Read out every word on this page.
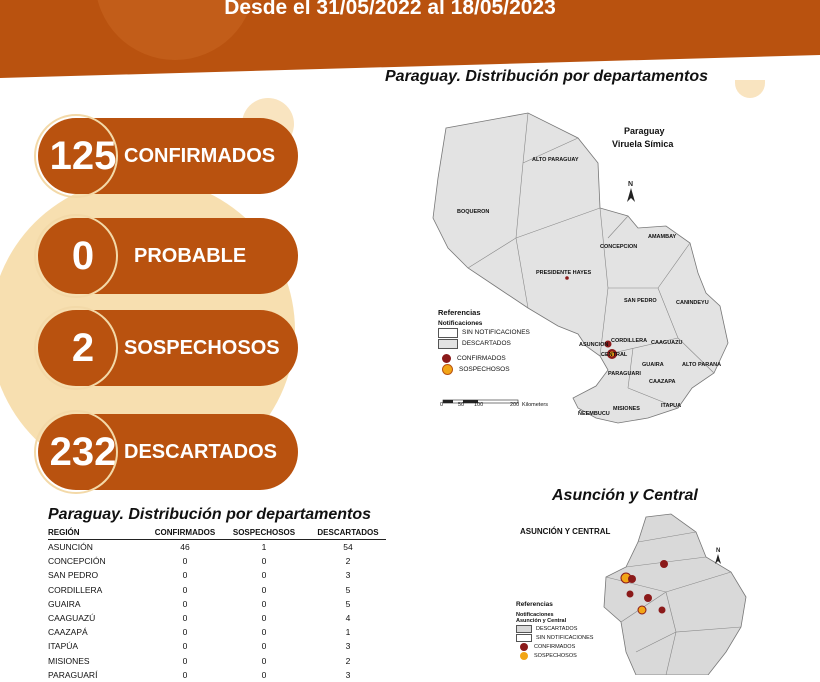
Desde el 31/05/2022 al 18/05/2023
125 CONFIRMADOS
0	PROBABLE
2	SOSPECHOSOS
232 DESCARTADOS
Paraguay. Distribución por departamentos
N
Paraguay
Viruela Símica
ALTO PARAGUAY
BOQUERON
PRESIDENTE HAYES
CONCEPCION
AMAMBAY
SAN PEDRO	CANINDEYU
ASUNCION
CORDILLERA
CENTRAL
CAAGUAZU
GUAIRA	ALTO PARANA
PARAGUARI
CAAZAPA
ÑEEMBUCU
MISIONES	ITAPUA
Referencias
Notificaciones
SIN NOTIFICACIONES
DESCARTADOS
CONFIRMADOS
SOSPECHOSOS
0	50 100	200 Kilometers
Asunción y Central
ASUNCIÓN Y CENTRAL
N
Referencias
Notificaciones
Asunción y Central
DESCARTADOS
SIN NOTIFICACIONES
CONFIRMADOS
SOSPECHOSOS
Paraguay. Distribución por departamentos
REGIÓN	CONFIRMADOS	SOSPECHOSOS	DESCARTADOS
ASUNCIÓN	46	1	54
CONCEPCIÓN	0	0	2
SAN PEDRO	0	0	3
CORDILLERA	0	0	5
GUAIRA	0	0	5
CAAGUAZÚ	0	0	4
CAAZAPÁ	0	0	1
ITAPÚA	0	0	3
MISIONES	0	0	2
PARAGUARÍ	0	0	3
